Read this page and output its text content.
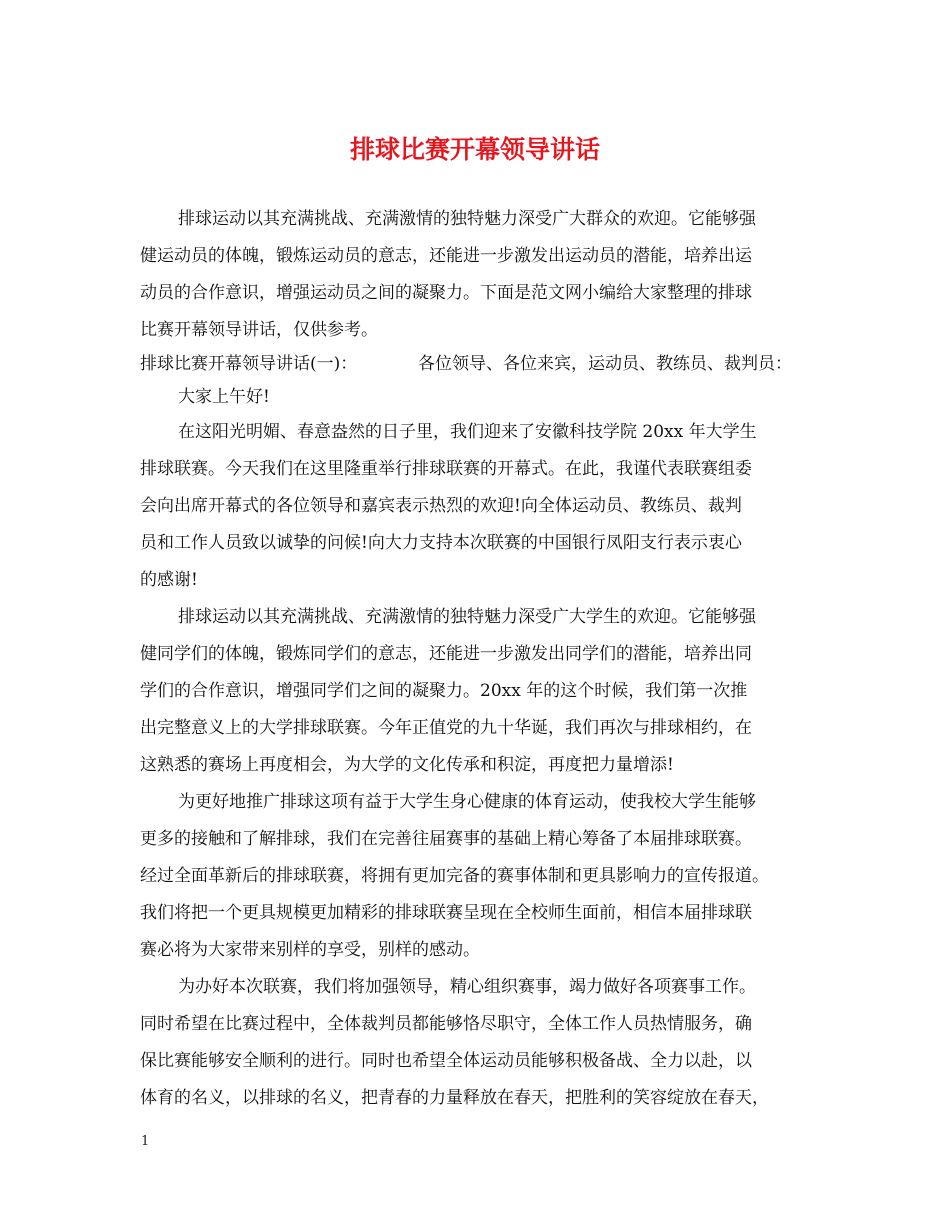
排球比赛开幕领导讲话
排球运动以其充满挑战、充满激情的独特魅力深受广大群众的欢迎。它能够强
健运动员的体魄，锻炼运动员的意志，还能进一步激发出运动员的潜能，培养出运
动员的合作意识，增强运动员之间的凝聚力。下面是范文网小编给大家整理的排球
比赛开幕领导讲话，仅供参考。
排球比赛开幕领导讲话(一)：	各位领导、各位来宾，运动员、教练员、裁判员：
大家上午好!
在这阳光明媚、春意盎然的日子里，我们迎来了安徽科技学院 20xx 年大学生
排球联赛。今天我们在这里隆重举行排球联赛的开幕式。在此，我谨代表联赛组委
会向出席开幕式的各位领导和嘉宾表示热烈的欢迎!向全体运动员、教练员、裁判
员和工作人员致以诚挚的问候!向大力支持本次联赛的中国银行凤阳支行表示衷心
的感谢!
排球运动以其充满挑战、充满激情的独特魅力深受广大学生的欢迎。它能够强
健同学们的体魄，锻炼同学们的意志，还能进一步激发出同学们的潜能，培养出同
学们的合作意识，增强同学们之间的凝聚力。20xx 年的这个时候，我们第一次推
出完整意义上的大学排球联赛。今年正值党的九十华诞，我们再次与排球相约，在
这熟悉的赛场上再度相会，为大学的文化传承和积淀，再度把力量增添!
为更好地推广排球这项有益于大学生身心健康的体育运动，使我校大学生能够
更多的接触和了解排球，我们在完善往届赛事的基础上精心筹备了本届排球联赛。
经过全面革新后的排球联赛，将拥有更加完备的赛事体制和更具影响力的宣传报道。
我们将把一个更具规模更加精彩的排球联赛呈现在全校师生面前，相信本届排球联
赛必将为大家带来别样的享受，别样的感动。
为办好本次联赛，我们将加强领导，精心组织赛事，竭力做好各项赛事工作。
同时希望在比赛过程中，全体裁判员都能够恪尽职守，全体工作人员热情服务，确
保比赛能够安全顺利的进行。同时也希望全体运动员能够积极备战、全力以赴，以
体育的名义，以排球的名义，把青春的力量释放在春天，把胜利的笑容绽放在春天，
1
